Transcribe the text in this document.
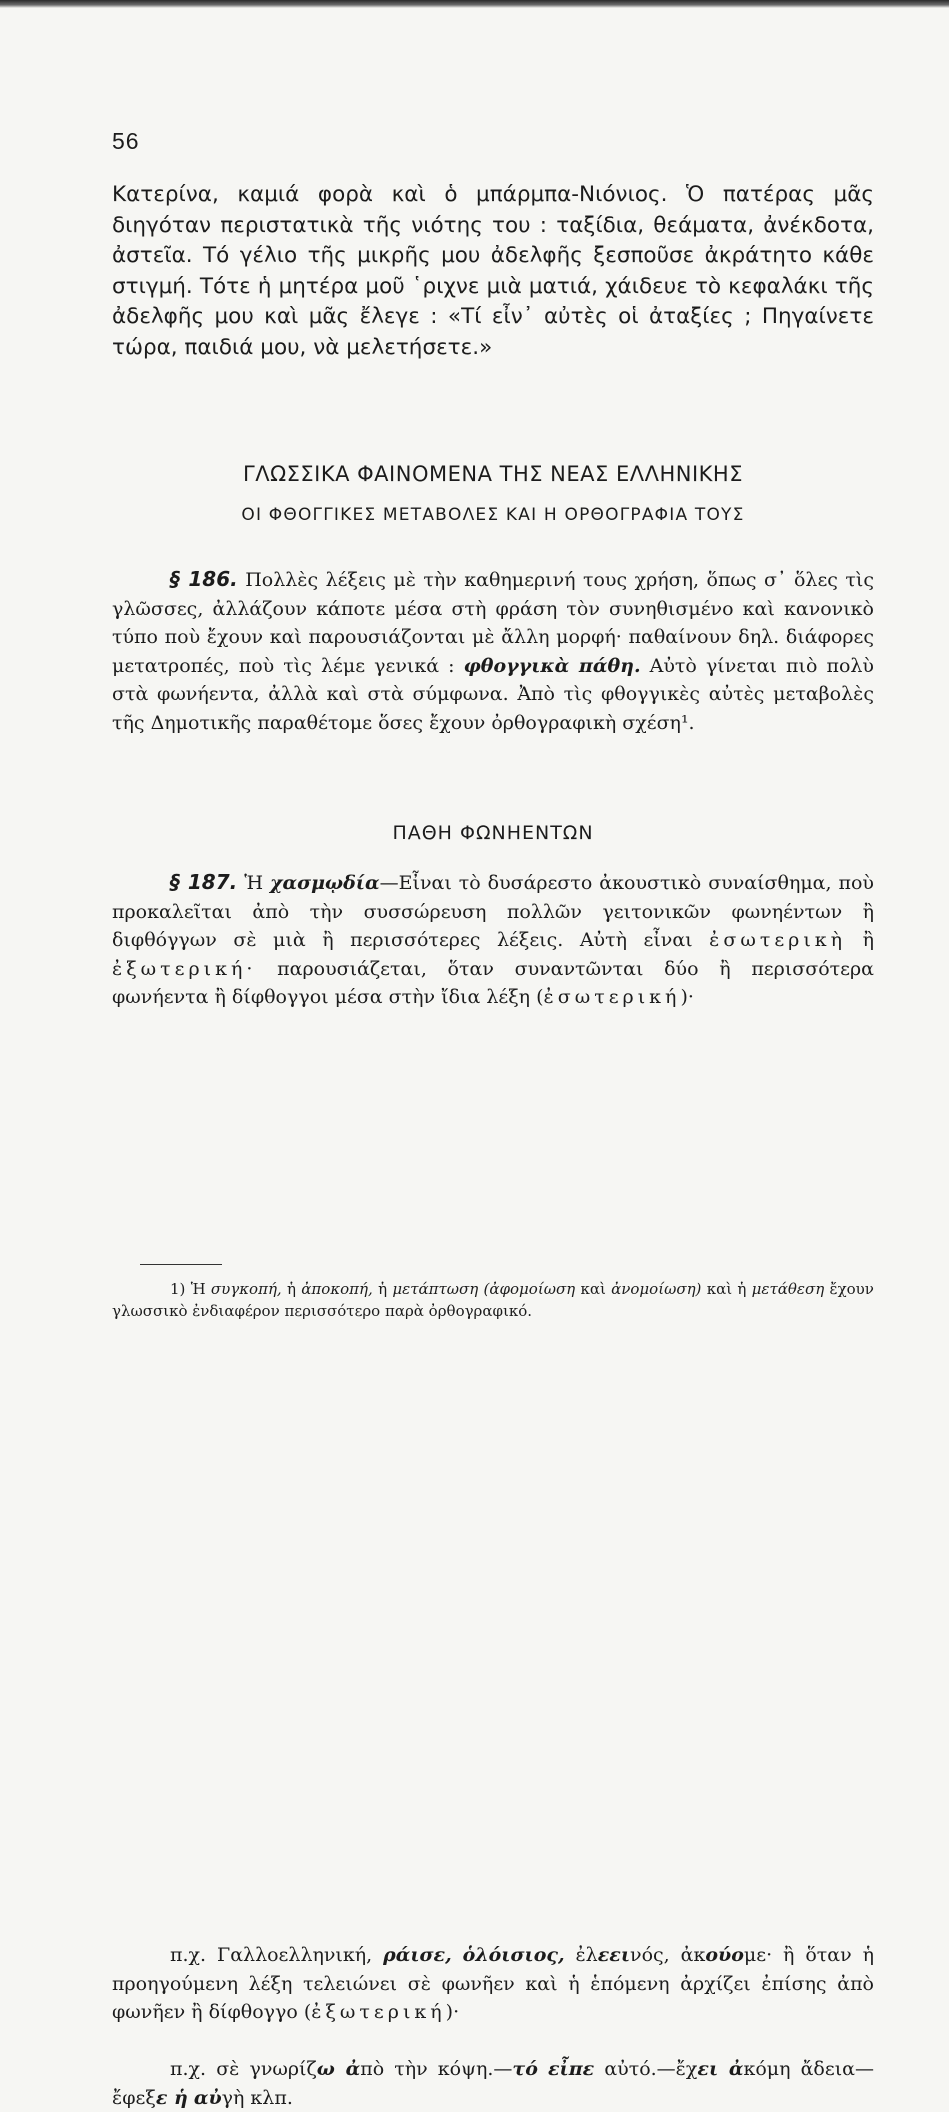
56
Κατερίνα, καμιά φορὰ καὶ ὁ μπάρμπα-Νιόνιος. Ὁ πατέρας μᾶς διηγόταν περιστατικὰ τῆς νιότης του : ταξίδια, θεάματα, ἀνέκδοτα, ἀστεῖα. Τό γέλιο τῆς μικρῆς μου ἀδελφῆς ξεσποῦσε ἀκράτητο κάθε στιγμή. Τότε ἡ μητέρα μοῦ ῾ριχνε μιὰ ματιά, χάιδευε τὸ κεφαλάκι τῆς ἀδελφῆς μου καὶ μᾶς ἔλεγε : «Τί εἶν᾿ αὐτὲς οἱ ἀταξίες ; Πηγαίνετε τώρα, παιδιά μου, νὰ μελετήσετε.»
ΓΛΩΣΣΙΚΑ ΦΑΙΝΟΜΕΝΑ ΤΗΣ ΝΕΑΣ ΕΛΛΗΝΙΚΗΣ
ΟΙ ΦΘΟΓΓΙΚΕΣ ΜΕΤΑΒΟΛΕΣ ΚΑΙ Η ΟΡΘΟΓΡΑΦΙΑ ΤΟΥΣ

§ 186. Πολλὲς λέξεις μὲ τὴν καθημερινή τους χρήση, ὅπως σ᾿ ὅλες τὶς γλῶσσες, ἀλλάζουν κάποτε μέσα στὴ φράση τὸν συνηθισμένο καὶ κανονικὸ τύπο ποὺ ἔχουν καὶ παρουσιάζονται μὲ ἄλλη μορφή· παθαίνουν δηλ. διάφορες μετατροπές, ποὺ τὶς λέμε γενικά : φθογγικὰ πάθη. Αὐτὸ γίνεται πιὸ πολὺ στὰ φωνήεντα, ἀλλὰ καὶ στὰ σύμφωνα. Ἀπὸ τὶς φθογγικὲς αὐτὲς μεταβολὲς τῆς Δημοτικῆς παραθέτομε ὅσες ἔχουν ὀρθογραφικὴ σχέση¹.

ΠΑΘΗ ΦΩΝΗΕΝΤΩΝ

§ 187. Ἡ χασμῳδία—Εἶναι τὸ δυσάρεστο ἀκουστικὸ συναίσθημα, ποὺ προκαλεῖται ἀπὸ τὴν συσσώρευση πολλῶν γειτονικῶν φωνηέντων ἢ διφθόγγων σὲ μιὰ ἢ περισσότερες λέξεις. Αὐτὴ εἶναι ἐσωτερικὴ ἢ ἐξωτερική· παρουσιάζεται, ὅταν συναντῶνται δύο ἢ περισσότερα φωνήεντα ἢ δίφθογγοι μέσα στὴν ἴδια λέξη (ἐσωτερική)·

π.χ. Γαλλοελληνική, ράισε, ὁλόισιος, ἐλεεινός, ἀκούομε· ἢ ὅταν ἡ προηγούμενη λέξη τελειώνει σὲ φωνῆεν καὶ ἡ ἑπόμενη ἀρχίζει ἐπίσης ἀπὸ φωνῆεν ἢ δίφθογγο (ἐξωτερική)·

π.χ. σὲ γνωρίζω ἀπὸ τὴν κόψη.—τό εἶπε αὐτό.—ἔχει ἀκόμη ἄδεια—ἔφεξε ἡ αὐγὴ κλπ.

1) Ἡ συγκοπή, ἡ ἀποκοπή, ἡ μετάπτωση (ἀφομοίωση καὶ ἀνομοίωση) καὶ ἡ μετάθεση ἔχουν γλωσσικὸ ἐνδιαφέρον περισσότερο παρὰ ὀρθογραφικό.
